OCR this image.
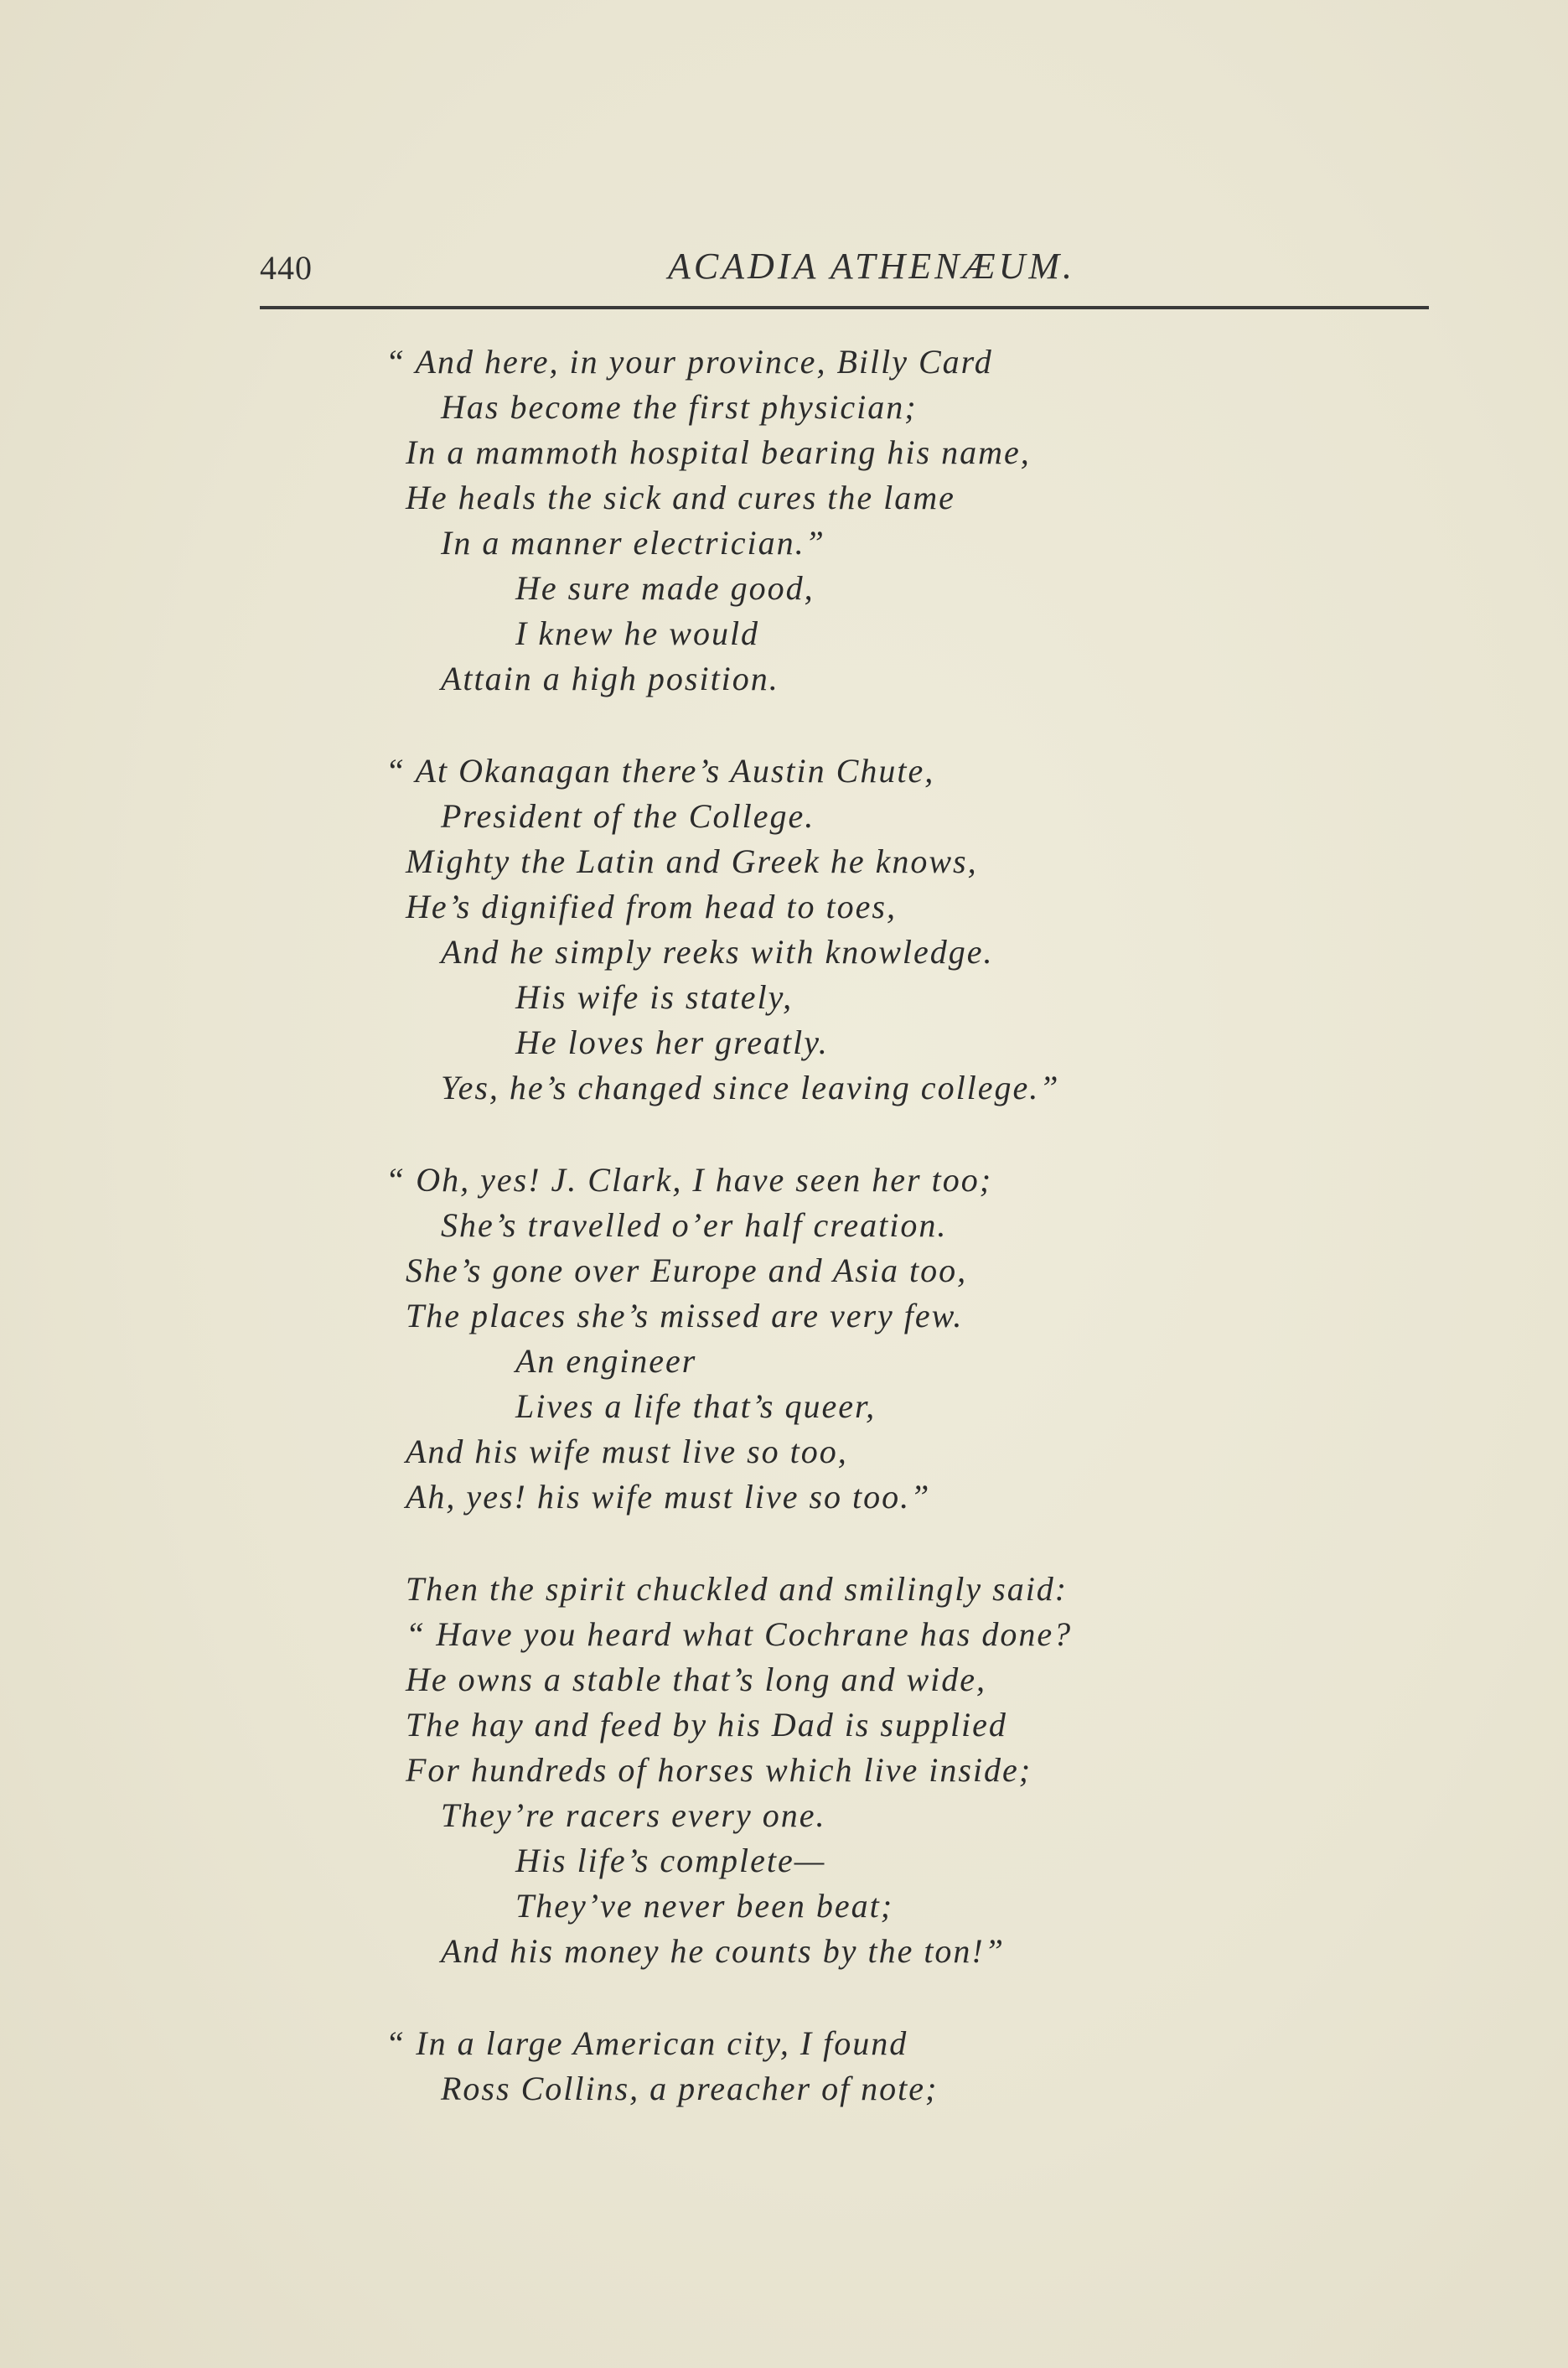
440	ACADIA ATHENÆUM.
“ And here, in your province, Billy Card
Has become the first physician;
In a mammoth hospital bearing his name,
He heals the sick and cures the lame
In a manner electrician.”
He sure made good,
I knew he would
Attain a high position.
“ At Okanagan there’s Austin Chute,
President of the College.
Mighty the Latin and Greek he knows,
He’s dignified from head to toes,
And he simply reeks with knowledge.
His wife is stately,
He loves her greatly.
Yes, he’s changed since leaving college.”
“ Oh, yes! J. Clark, I have seen her too;
She’s travelled o’er half creation.
She’s gone over Europe and Asia too,
The places she’s missed are very few.
An engineer
Lives a life that’s queer,
And his wife must live so too,
Ah, yes! his wife must live so too.”
Then the spirit chuckled and smilingly said:
“ Have you heard what Cochrane has done?
He owns a stable that’s long and wide,
The hay and feed by his Dad is supplied
For hundreds of horses which live inside;
They’re racers every one.
His life’s complete—
They’ve never been beat;
And his money he counts by the ton!”
“ In a large American city, I found
Ross Collins, a preacher of note;
